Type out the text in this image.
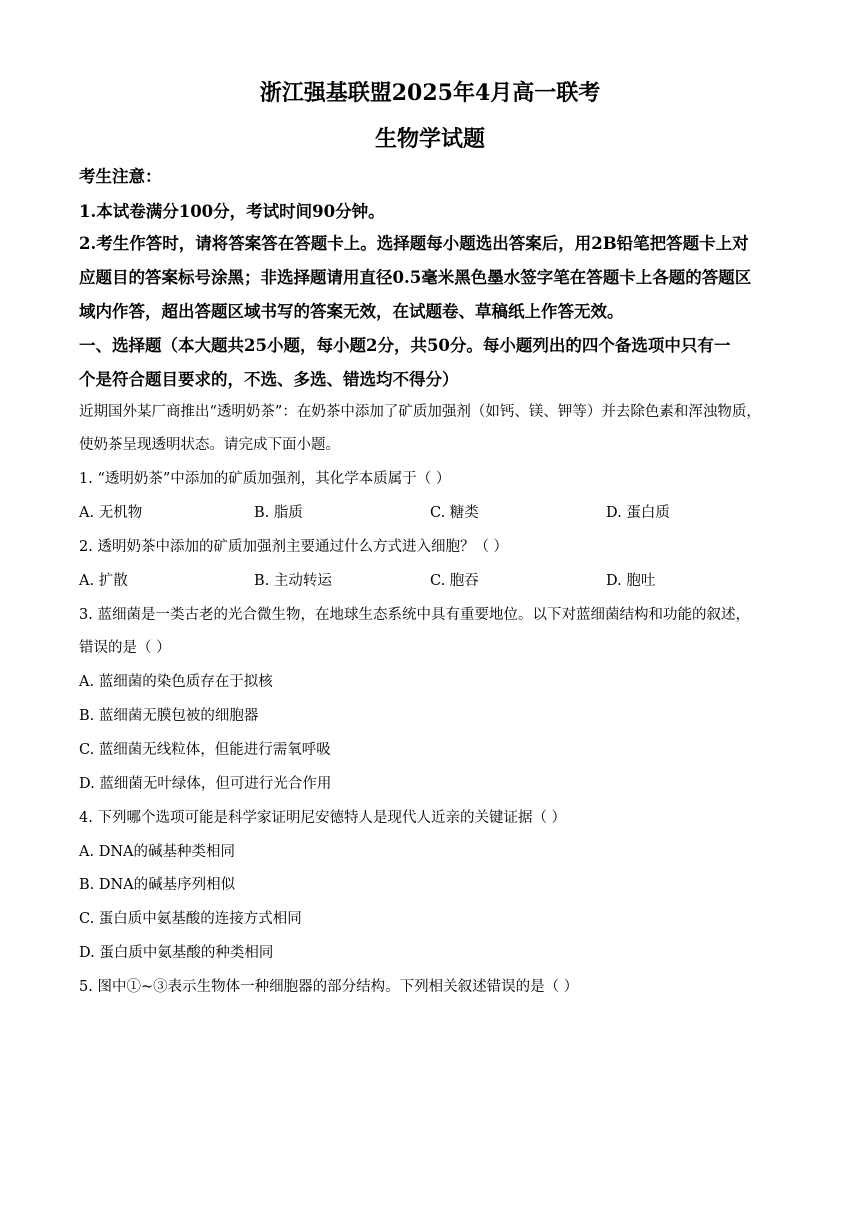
浙江强基联盟2025年4月高一联考
生物学试题
考生注意：
1.本试卷满分100分，考试时间90分钟。
2.考生作答时，请将答案答在答题卡上。选择题每小题选出答案后，用2B铅笔把答题卡上对
应题目的答案标号涂黑；非选择题请用直径0.5毫米黑色墨水签字笔在答题卡上各题的答题区
域内作答，超出答题区域书写的答案无效，在试题卷、草稿纸上作答无效。
一、选择题（本大题共25小题，每小题2分，共50分。每小题列出的四个备选项中只有一
个是符合题目要求的，不选、多选、错选均不得分）
近期国外某厂商推出“透明奶茶”：在奶茶中添加了矿质加强剂（如钙、镁、钾等）并去除色素和浑浊物质，
使奶茶呈现透明状态。请完成下面小题。
1. “透明奶茶”中添加的矿质加强剂，其化学本质属于（ ）
A. 无机物	B. 脂质	C. 糖类	D. 蛋白质
2. 透明奶茶中添加的矿质加强剂主要通过什么方式进入细胞？（ ）
A. 扩散	B. 主动转运	C. 胞吞	D. 胞吐
3. 蓝细菌是一类古老的光合微生物，在地球生态系统中具有重要地位。以下对蓝细菌结构和功能的叙述，
错误的是（ ）
A. 蓝细菌的染色质存在于拟核
B. 蓝细菌无膜包被的细胞器
C. 蓝细菌无线粒体，但能进行需氧呼吸
D. 蓝细菌无叶绿体，但可进行光合作用
4. 下列哪个选项可能是科学家证明尼安德特人是现代人近亲的关键证据（ ）
A. DNA的碱基种类相同
B. DNA的碱基序列相似
C. 蛋白质中氨基酸的连接方式相同
D. 蛋白质中氨基酸的种类相同
5. 图中①~③表示生物体一种细胞器的部分结构。下列相关叙述错误的是（ ）
